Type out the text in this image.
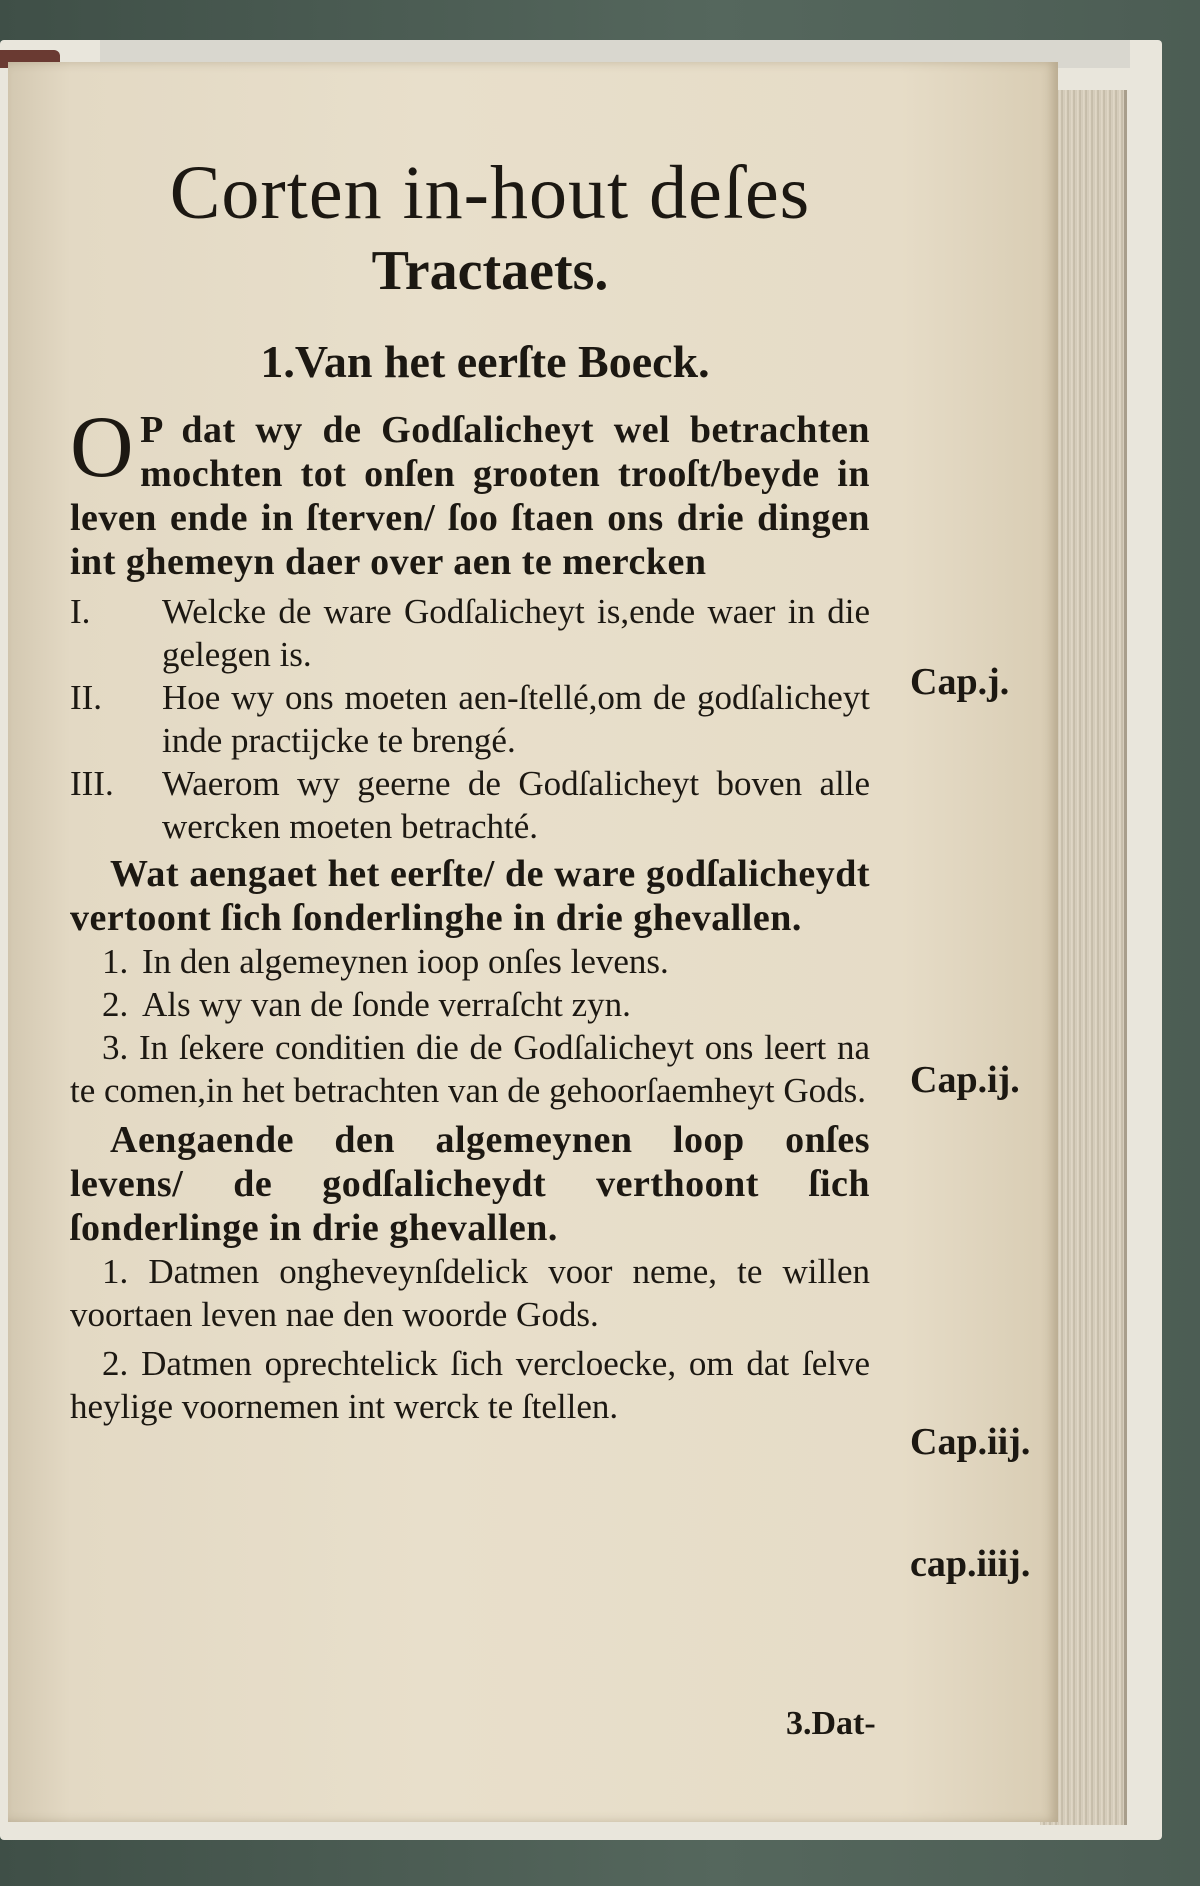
Corten in-hout deſes
Tractaets.
1.Van het eerſte Boeck.

O P dat wy de Godſalicheyt wel betrachten mochten tot onſen grooten trooſt/beyde in leven ende in ſterven/ ſoo ſtaen ons drie dingen int ghemeyn daer over aen te mercken

I.	Welcke de ware Godſalicheyt is,ende waer in die gelegen is.
II.	Hoe wy ons moeten aen-ſtellé,om de godſalicheyt inde practijcke te brengé.
III.	Waerom wy geerne de Godſalicheyt boven alle wercken moeten betrachté.

Wat aengaet het eerſte/ de ware godſalicheydt vertoont ſich ſonderlinghe in drie ghevallen.

1. In den algemeynen ioop onſes levens.
2. Als wy van de ſonde verraſcht zyn.

3. In ſekere conditien die de Godſalicheyt ons leert na te comen,in het betrachten van de gehoorſaemheyt Gods.

Aengaende den algemeynen loop onſes levens/ de godſalicheydt verthoont ſich ſonderlinge in drie ghevallen.

1. Datmen ongheveynſdelick voor neme, te willen voortaen leven nae den woorde Gods.

2. Datmen oprechtelick ſich vercloecke, om dat ſelve heylige voornemen int werck te ſtellen.

3.Dat-
Cap.j.
Cap.ij.
Cap.iij.
cap.iiij.
